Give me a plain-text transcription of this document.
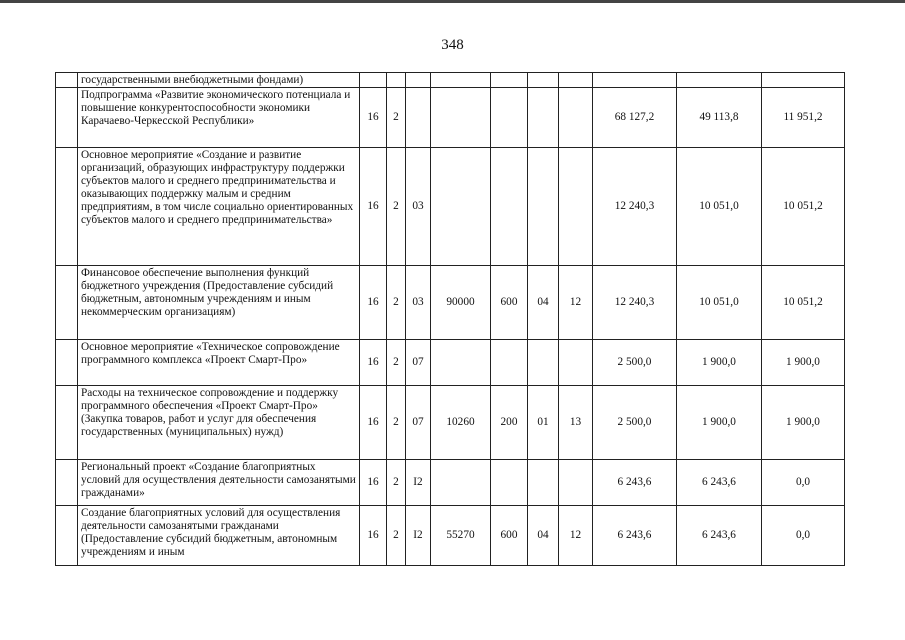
348
	государственными внебюджетными фондами)										
	Подпрограмма «Развитие экономического потенциала и повышение конкурентоспособности экономики Карачаево-Черкесской Республики»	16	2						68 127,2	49 113,8	11 951,2
	Основное мероприятие «Создание и развитие организаций, образующих инфраструктуру поддержки субъектов малого и среднего предпринимательства и оказывающих поддержку малым и средним предприятиям, в том числе социально ориентированных субъектов малого и среднего предпринимательства»	16	2	03					12 240,3	10 051,0	10 051,2
	Финансовое обеспечение выполнения функций бюджетного учреждения (Предоставление субсидий бюджетным, автономным учреждениям и иным некоммерческим организациям)	16	2	03	90000	600	04	12	12 240,3	10 051,0	10 051,2
	Основное мероприятие «Техническое сопровождение программного комплекса «Проект Смарт-Про»	16	2	07					2 500,0	1 900,0	1 900,0
	Расходы на техническое сопровождение и поддержку программного обеспечения «Проект Смарт-Про» (Закупка товаров, работ и услуг для обеспечения государственных (муниципальных) нужд)	16	2	07	10260	200	01	13	2 500,0	1 900,0	1 900,0
	Региональный проект «Создание благоприятных условий для осуществления деятельности самозанятыми гражданами»	16	2	I2					6 243,6	6 243,6	0,0
	Создание благоприятных условий для осуществления деятельности самозанятыми гражданами (Предоставление субсидий бюджетным, автономным учреждениям и иным	16	2	I2	55270	600	04	12	6 243,6	6 243,6	0,0
